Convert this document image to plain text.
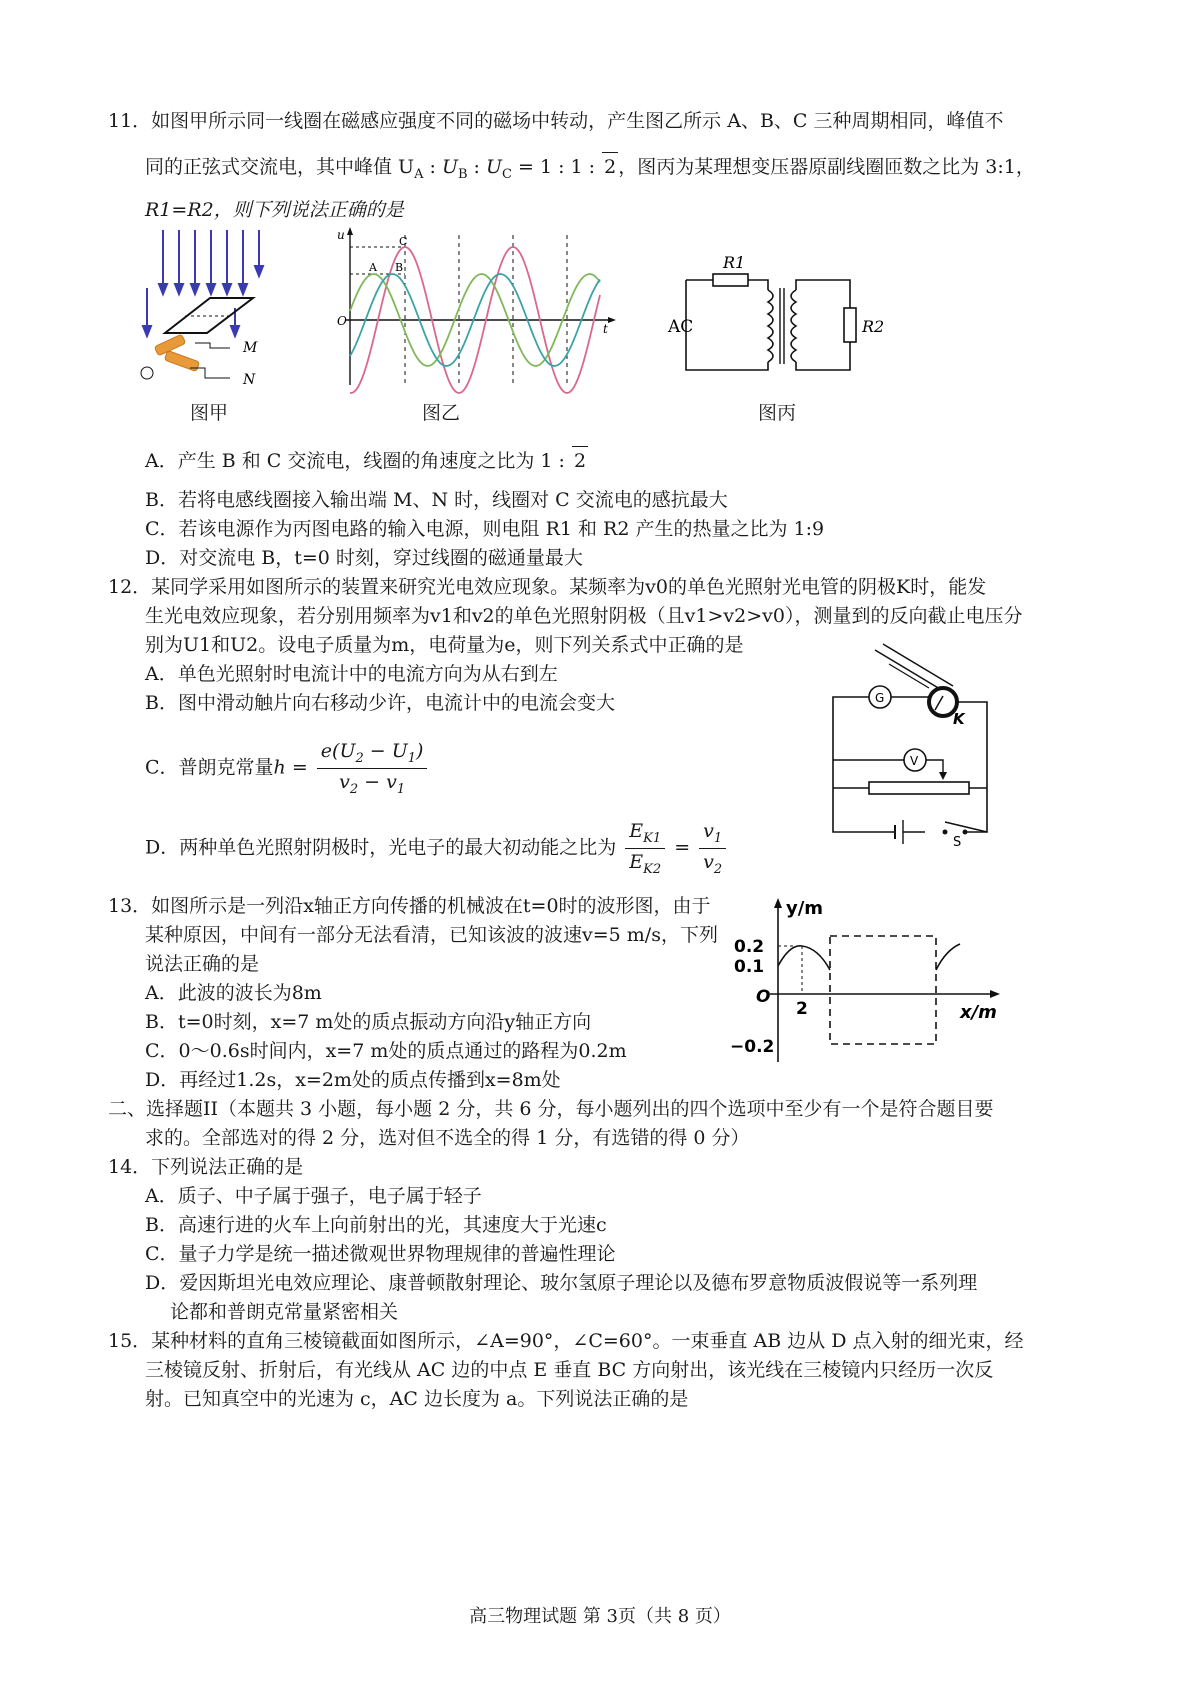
11．如图甲所示同一线圈在磁感应强度不同的磁场中转动，产生图乙所示 A、B、C 三种周期相同，峰值不
同的正弦式交流电，其中峰值 $U_A$ : $U_B$ : $U_C = 1$ : 1 : 2 ，图丙为某理想变压器原副线圈匝数之比为 3:1，
R1=R2，则下列说法正确的是
M
N
图甲
u
t
O
A B
C
图乙
AC
R1
R2
图丙
A．产生 B 和 C 交流电，线圈的角速度之比为 1 : 2
B．若将电感线圈接入输出端 M、N 时，线圈对 C 交流电的感抗最大
C．若该电源作为丙图电路的输入电源，则电阻 R1 和 R2 产生的热量之比为 1:9
D．对交流电 B，t=0 时刻，穿过线圈的磁通量最大
12．某同学采用如图所示的装置来研究光电效应现象。某频率为v0的单色光照射光电管的阴极K时，能发
生光电效应现象，若分别用频率为v1和v2的单色光照射阴极（且v1>v2>v0），测量到的反向截止电压分
别为U1和U2。设电子质量为m，电荷量为e，则下列关系式中正确的是
A．单色光照射时电流计中的电流方向为从右到左
B．图中滑动触片向右移动少许，电流计中的电流会变大
C．普朗克常量$h = \frac{e(U_2 - U_1)}{v_2 - v_1}$
D．两种单色光照射阴极时，光电子的最大初动能之比为 $\frac{E_{K1}}{E_{K2}} = \frac{v_1}{v_2}$
K
G
S
V
13．如图所示是一列沿x轴正方向传播的机械波在t=0时的波形图，由于
某种原因，中间有一部分无法看清，已知该波的波速v=5 m/s，下列
说法正确的是
A．此波的波长为8m
B．t=0时刻，x=7 m处的质点振动方向沿y轴正方向
C．0～0.6s时间内，x=7 m处的质点通过的路程为0.2m
D．再经过1.2s，x=2m处的质点传播到x=8m处
y/m
x/m
0.2
0.1
−0.2
2
O
二、选择题II（本题共 3 小题，每小题 2 分，共 6 分，每小题列出的四个选项中至少有一个是符合题目要
求的。全部选对的得 2 分，选对但不选全的得 1 分，有选错的得 0 分）
14．下列说法正确的是
A．质子、中子属于强子，电子属于轻子
B．高速行进的火车上向前射出的光，其速度大于光速c
C．量子力学是统一描述微观世界物理规律的普遍性理论
D．爱因斯坦光电效应理论、康普顿散射理论、玻尔氢原子理论以及德布罗意物质波假说等一系列理
论都和普朗克常量紧密相关
15．某种材料的直角三棱镜截面如图所示，∠A=90°，∠C=60°。一束垂直 AB 边从 D 点入射的细光束，经
三棱镜反射、折射后，有光线从 AC 边的中点 E 垂直 BC 方向射出，该光线在三棱镜内只经历一次反
射。已知真空中的光速为 c，AC 边长度为 a。下列说法正确的是
高三物理试题 第 3页（共 8 页）
